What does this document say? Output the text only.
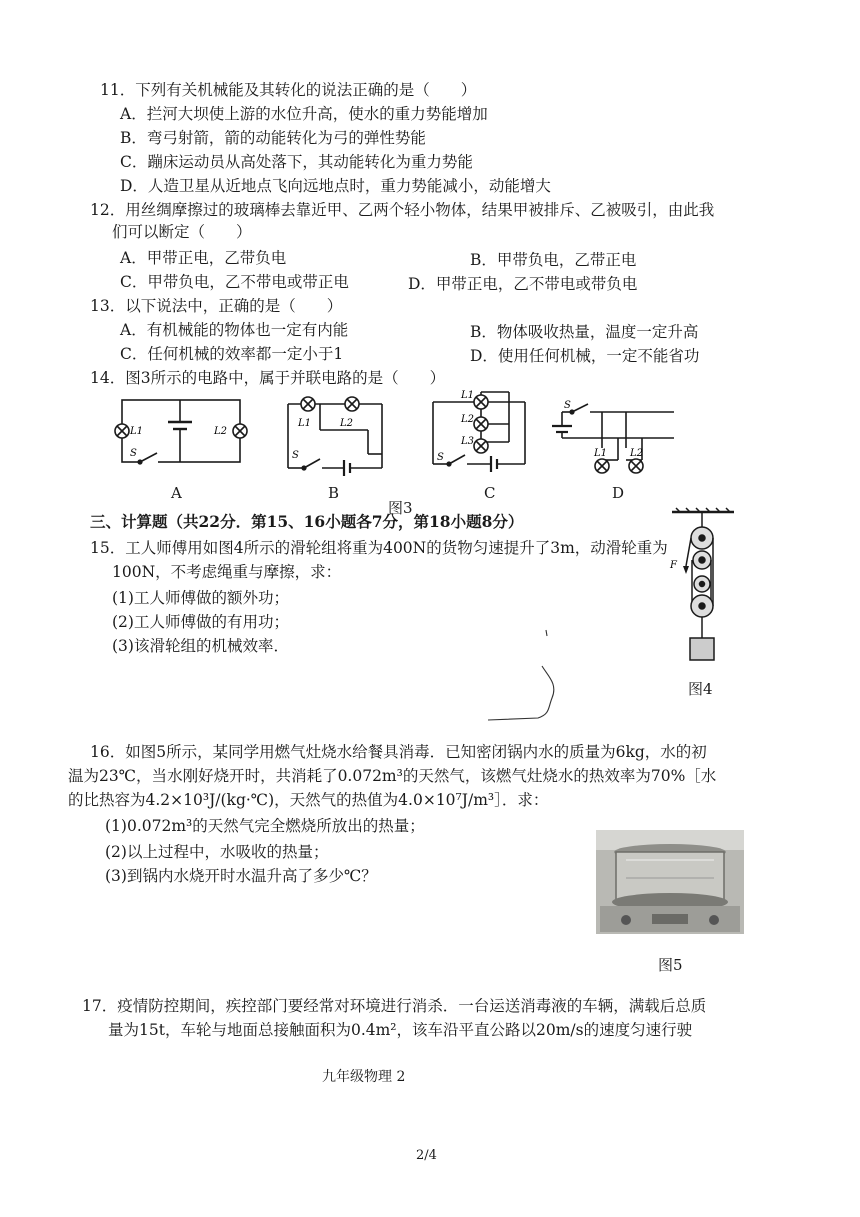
11．下列有关机械能及其转化的说法正确的是（　　）
A．拦河大坝使上游的水位升高，使水的重力势能增加
B．弯弓射箭，箭的动能转化为弓的弹性势能
C．蹦床运动员从高处落下，其动能转化为重力势能
D．人造卫星从近地点飞向远地点时，重力势能减小，动能增大
12．用丝绸摩擦过的玻璃棒去靠近甲、乙两个轻小物体，结果甲被排斥、乙被吸引，由此我
们可以断定（　　）
A．甲带正电，乙带负电	B．甲带负电，乙带正电
C．甲带负电，乙不带电或带正电	D．甲带正电，乙不带电或带负电
13．以下说法中，正确的是（　　）
A．有机械能的物体也一定有内能	B．物体吸收热量，温度一定升高
C．任何机械的效率都一定小于1	D．使用任何机械，一定不能省功
14．图3所示的电路中，属于并联电路的是（　　）
L1	L2
S
A
L1	L2
S
B
L1
L2
L3
S
C
图3
S
L1 L2
D
三、计算题（共22分．第15、16小题各7分，第18小题8分）
15．工人师傅用如图4所示的滑轮组将重为400N的货物匀速提升了3m，动滑轮重为
100N，不考虑绳重与摩擦，求：
(1)工人师傅做的额外功；
(2)工人师傅做的有用功；
(3)该滑轮组的机械效率．
F
图4
16．如图5所示，某同学用燃气灶烧水给餐具消毒．已知密闭锅内水的质量为6kg，水的初
温为23℃，当水刚好烧开时，共消耗了0.072m³的天然气，该燃气灶烧水的热效率为70%［水
的比热容为4.2×10³J/(kg·℃)，天然气的热值为4.0×10⁷J/m³］．求：
(1)0.072m³的天然气完全燃烧所放出的热量；
(2)以上过程中，水吸收的热量；
(3)到锅内水烧开时水温升高了多少℃？
图5
17．疫情防控期间，疾控部门要经常对环境进行消杀．一台运送消毒液的车辆，满载后总质
量为15t，车轮与地面总接触面积为0.4m²，该车沿平直公路以20m/s的速度匀速行驶
九年级物理 2
2/4
